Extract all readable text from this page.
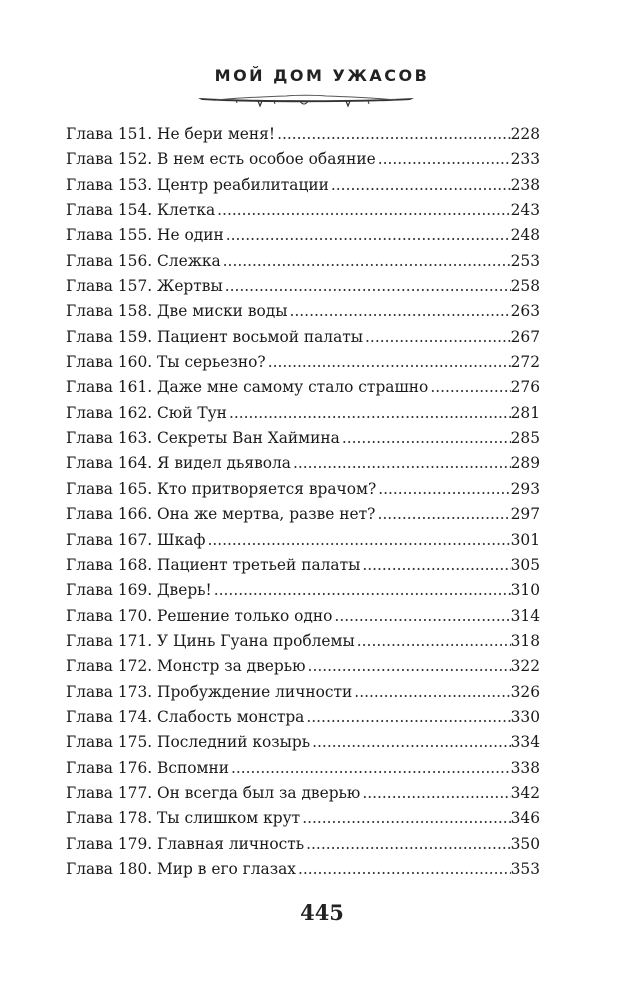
МОЙ ДОМ УЖАСОВ
Глава 151. Не бери меня! .....	228
Глава 152. В нем есть особое обаяние .....	233
Глава 153. Центр реабилитации .....	238
Глава 154. Клетка .....	243
Глава 155. Не один .....	248
Глава 156. Слежка .....	253
Глава 157. Жертвы .....	258
Глава 158. Две миски воды .....	263
Глава 159. Пациент восьмой палаты .....	267
Глава 160. Ты серьезно? .....	272
Глава 161. Даже мне самому стало страшно .....	276
Глава 162. Сюй Тун .....	281
Глава 163. Секреты Ван Хаймина .....	285
Глава 164. Я видел дьявола .....	289
Глава 165. Кто притворяется врачом? .....	293
Глава 166. Она же мертва, разве нет? .....	297
Глава 167. Шкаф .....	301
Глава 168. Пациент третьей палаты .....	305
Глава 169. Дверь! .....	310
Глава 170. Решение только одно .....	314
Глава 171. У Цинь Гуана проблемы .....	318
Глава 172. Монстр за дверью .....	322
Глава 173. Пробуждение личности .....	326
Глава 174. Слабость монстра .....	330
Глава 175. Последний козырь .....	334
Глава 176. Вспомни .....	338
Глава 177. Он всегда был за дверью .....	342
Глава 178. Ты слишком крут .....	346
Глава 179. Главная личность .....	350
Глава 180. Мир в его глазах .....	353
445
